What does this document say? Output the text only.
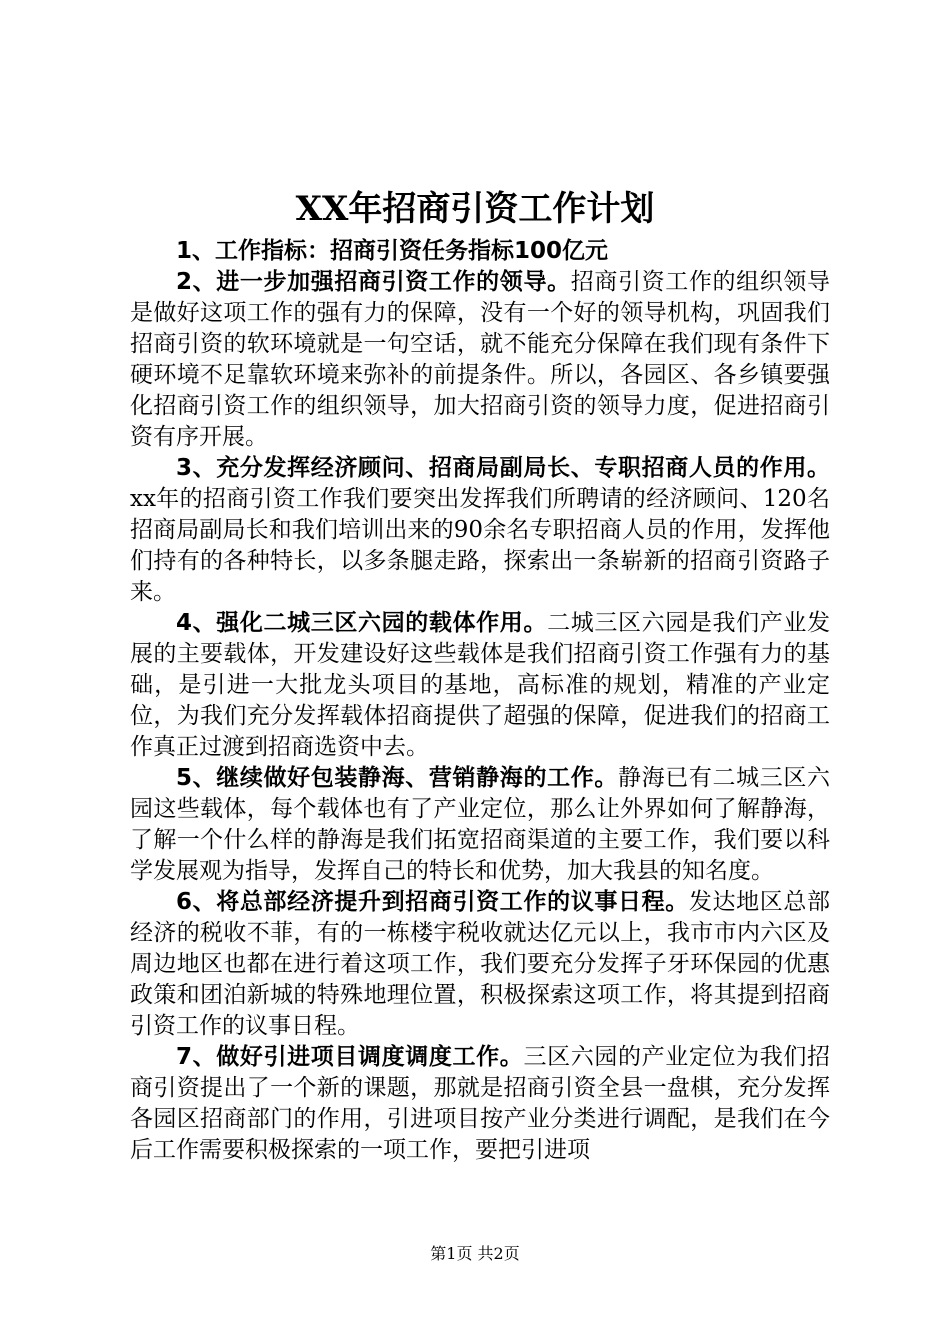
XX年招商引资工作计划

1、工作指标：招商引资任务指标100亿元

2、进一步加强招商引资工作的领导。招商引资工作的组织领导是做好这项工作的强有力的保障，没有一个好的领导机构，巩固我们招商引资的软环境就是一句空话，就不能充分保障在我们现有条件下硬环境不足靠软环境来弥补的前提条件。所以，各园区、各乡镇要强化招商引资工作的组织领导，加大招商引资的领导力度，促进招商引资有序开展。

3、充分发挥经济顾问、招商局副局长、专职招商人员的作用。xx年的招商引资工作我们要突出发挥我们所聘请的经济顾问、120名招商局副局长和我们培训出来的90余名专职招商人员的作用，发挥他们持有的各种特长，以多条腿走路，探索出一条崭新的招商引资路子来。

4、强化二城三区六园的载体作用。二城三区六园是我们产业发展的主要载体，开发建设好这些载体是我们招商引资工作强有力的基础，是引进一大批龙头项目的基地，高标准的规划，精准的产业定位，为我们充分发挥载体招商提供了超强的保障，促进我们的招商工作真正过渡到招商选资中去。

5、继续做好包装静海、营销静海的工作。静海已有二城三区六园这些载体，每个载体也有了产业定位，那么让外界如何了解静海，了解一个什么样的静海是我们拓宽招商渠道的主要工作，我们要以科学发展观为指导，发挥自己的特长和优势，加大我县的知名度。

6、将总部经济提升到招商引资工作的议事日程。发达地区总部经济的税收不菲，有的一栋楼宇税收就达亿元以上，我市市内六区及周边地区也都在进行着这项工作，我们要充分发挥子牙环保园的优惠政策和团泊新城的特殊地理位置，积极探索这项工作，将其提到招商引资工作的议事日程。

7、做好引进项目调度调度工作。三区六园的产业定位为我们招商引资提出了一个新的课题，那就是招商引资全县一盘棋，充分发挥各园区招商部门的作用，引进项目按产业分类进行调配，是我们在今后工作需要积极探索的一项工作，要把引进项

第1页 共2页
